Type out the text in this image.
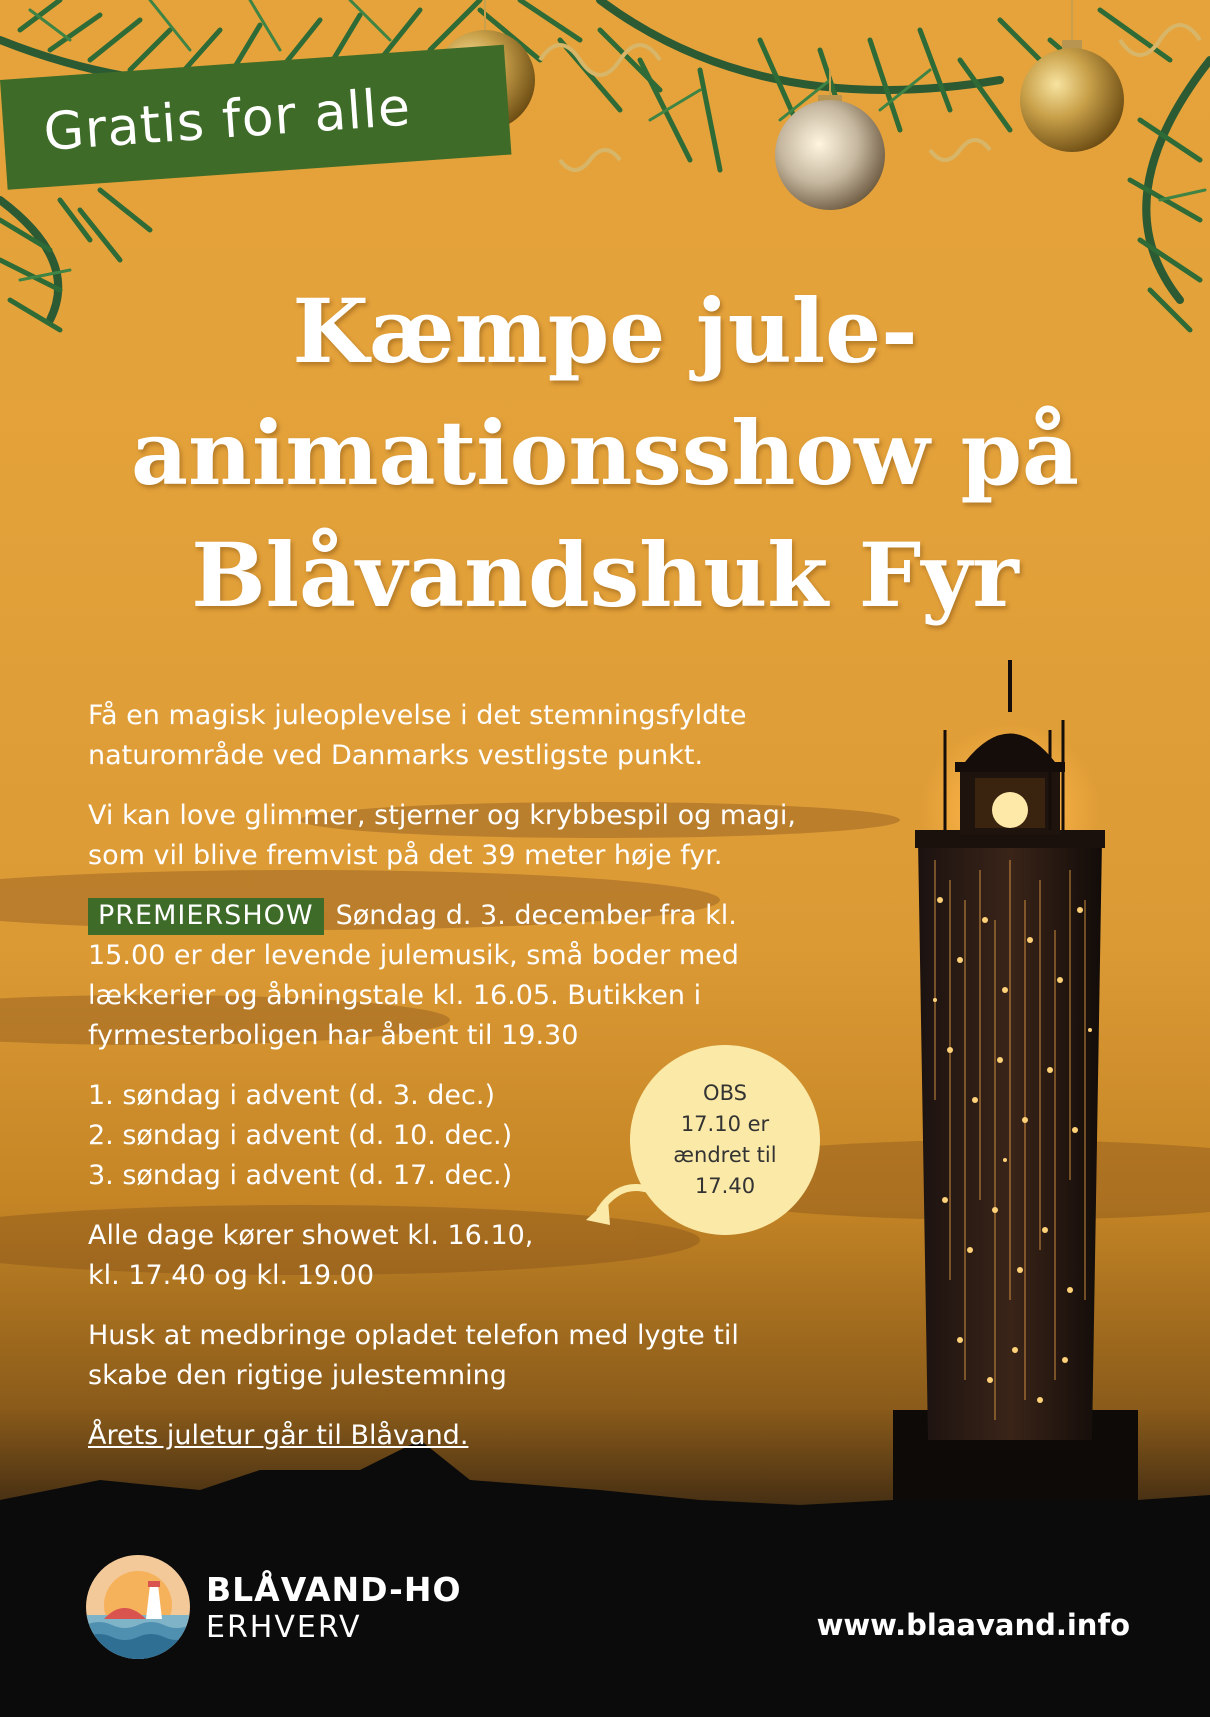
Gratis for alle
Kæmpe jule-
animationsshow på
Blåvandshuk Fyr

Få en magisk juleoplevelse i det stemningsfyldte

naturområde ved Danmarks vestligste punkt.

Vi kan love glimmer, stjerner og krybbespil og magi,

som vil blive fremvist på det 39 meter høje fyr.

PREMIERSHOW Søndag d. 3. december fra kl.

15.00 er der levende julemusik, små boder med

lækkerier og åbningstale kl. 16.05. Butikken i

fyrmesterboligen har åbent til 19.30

1. søndag i advent (d. 3. dec.)

2. søndag i advent (d. 10. dec.)

3. søndag i advent (d. 17. dec.)

Alle dage kører showet kl. 16.10,

kl. 17.40 og kl. 19.00

Husk at medbringe opladet telefon med lygte til

skabe den rigtige julestemning

Årets juletur går til Blåvand.

OBS
17.10 er
ændret til
17.40
BLÅVAND-HO
ERHVERV	www.blaavand.info
